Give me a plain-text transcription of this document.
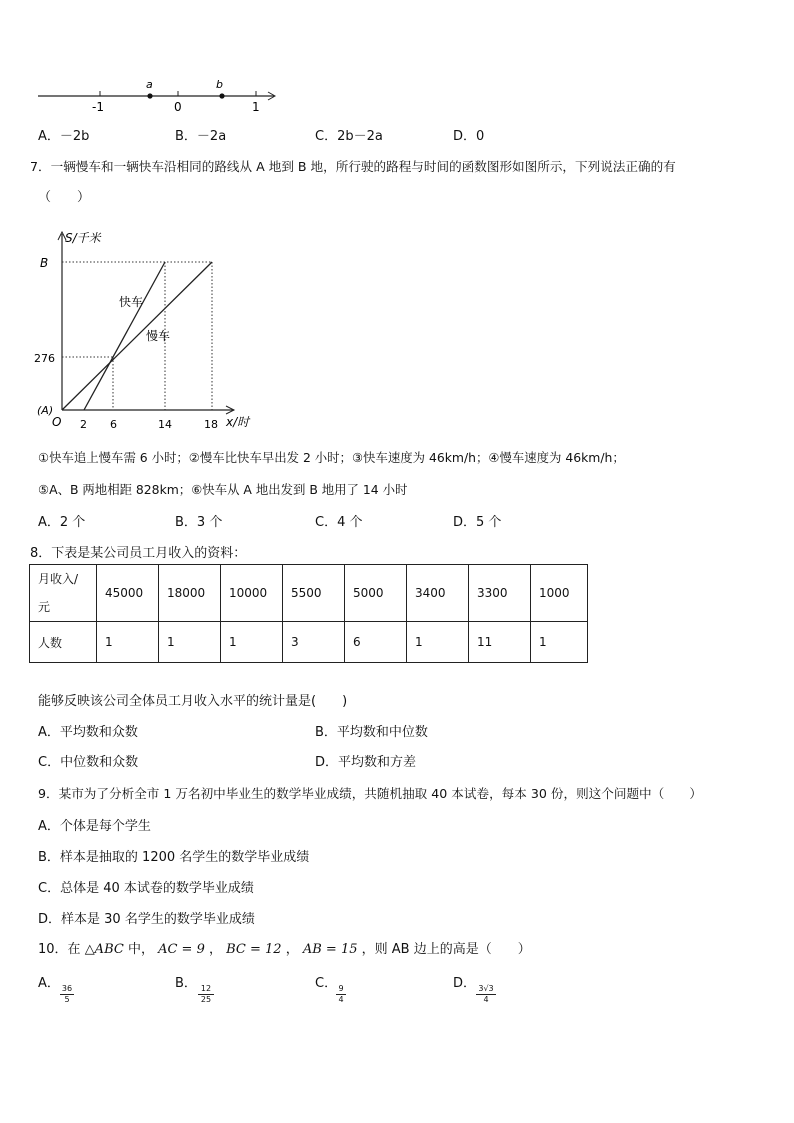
a	b
-1	0	1
A．－2b	B．－2a	C．2b－2a	D．0
7．一辆慢车和一辆快车沿相同的路线从 A 地到 B 地，所行驶的路程与时间的函数图形如图所示，下列说法正确的有
（　　）
S/千米
B
276
(A)
O 2 6	14	18 x/时
快车
慢车
①快车追上慢车需 6 小时；②慢车比快车早出发 2 小时；③快车速度为 46km/h；④慢车速度为 46km/h；
⑤A、B 两地相距 828km；⑥快车从 A 地出发到 B 地用了 14 小时
A．2 个	B．3 个	C．4 个	D．5 个
8．下表是某公司员工月收入的资料：
月收入/
元	45000	18000	10000	5500	5000	3400	3300	1000
人数	1	1	1	3	6	1	11	1
能够反映该公司全体员工月收入水平的统计量是(　　)
A．平均数和众数	B．平均数和中位数
C．中位数和众数	D．平均数和方差
9．某市为了分析全市 1 万名初中毕业生的数学毕业成绩，共随机抽取 40 本试卷，每本 30 份，则这个问题中（　　）
A．个体是每个学生
B．样本是抽取的 1200 名学生的数学毕业成绩
C．总体是 40 本试卷的数学毕业成绩
D．样本是 30 名学生的数学毕业成绩
10．在 △ABC 中， AC = 9 ， BC = 12 ， AB = 15 ，则 AB 边上的高是（　　）
A．
$\frac{36}{5}$
B．
$\frac{12}{25}$
C．
$\frac{9}{4}$
D．
$\frac{3√3}{4}$
